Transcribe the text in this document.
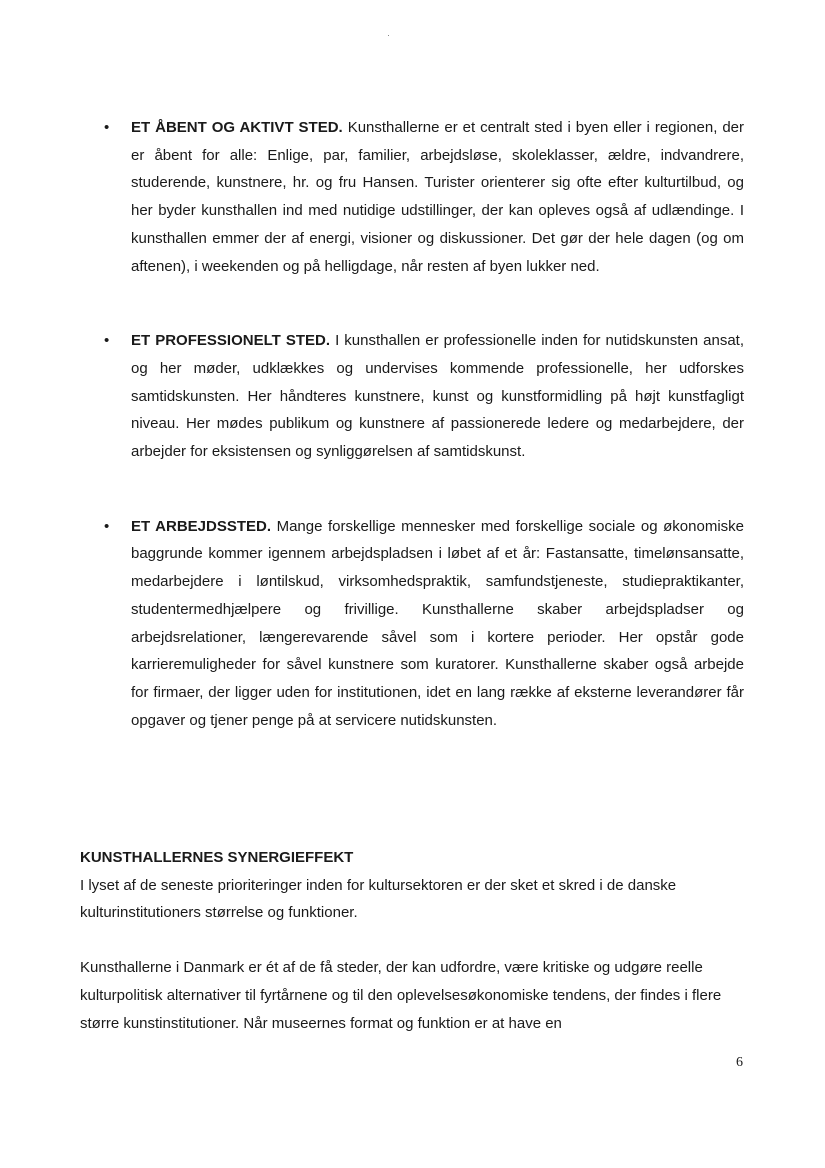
• ET ÅBENT OG AKTIVT STED. Kunsthallerne er et centralt sted i byen eller i regionen, der er åbent for alle: Enlige, par, familier, arbejdsløse, skoleklasser, ældre, indvandrere, studerende, kunstnere, hr. og fru Hansen. Turister orienterer sig ofte efter kulturtilbud, og her byder kunsthallen ind med nutidige udstillinger, der kan opleves også af udlændinge. I kunsthallen emmer der af energi, visioner og diskussioner. Det gør der hele dagen (og om aftenen), i weekenden og på helligdage, når resten af byen lukker ned.

• ET PROFESSIONELT STED. I kunsthallen er professionelle inden for nutidskunsten ansat, og her møder, udklækkes og undervises kommende professionelle, her udforskes samtidskunsten. Her håndteres kunstnere, kunst og kunstformidling på højt kunstfagligt niveau. Her mødes publikum og kunstnere af passionerede ledere og medarbejdere, der arbejder for eksistensen og synliggørelsen af samtidskunst.

• ET ARBEJDSSTED. Mange forskellige mennesker med forskellige sociale og økonomiske baggrunde kommer igennem arbejdspladsen i løbet af et år: Fastansatte, timelønsansatte, medarbejdere i løntilskud, virksomhedspraktik, samfundstjeneste, studiepraktikanter, studentermedhjælpere og frivillige. Kunsthallerne skaber arbejdspladser og arbejdsrelationer, længerevarende såvel som i kortere perioder. Her opstår gode karrieremuligheder for såvel kunstnere som kuratorer. Kunsthallerne skaber også arbejde for firmaer, der ligger uden for institutionen, idet en lang række af eksterne leverandører får opgaver og tjener penge på at servicere nutidskunsten.

KUNSTHALLERNES SYNERGIEFFEKT

I lyset af de seneste prioriteringer inden for kultursektoren er der sket et skred i de danske kulturinstitutioners størrelse og funktioner.

Kunsthallerne i Danmark er ét af de få steder, der kan udfordre, være kritiske og udgøre reelle kulturpolitisk alternativer til fyrtårnene og til den oplevelsesøkonomiske tendens, der findes i flere større kunstinstitutioner. Når museernes format og funktion er at have en

6
